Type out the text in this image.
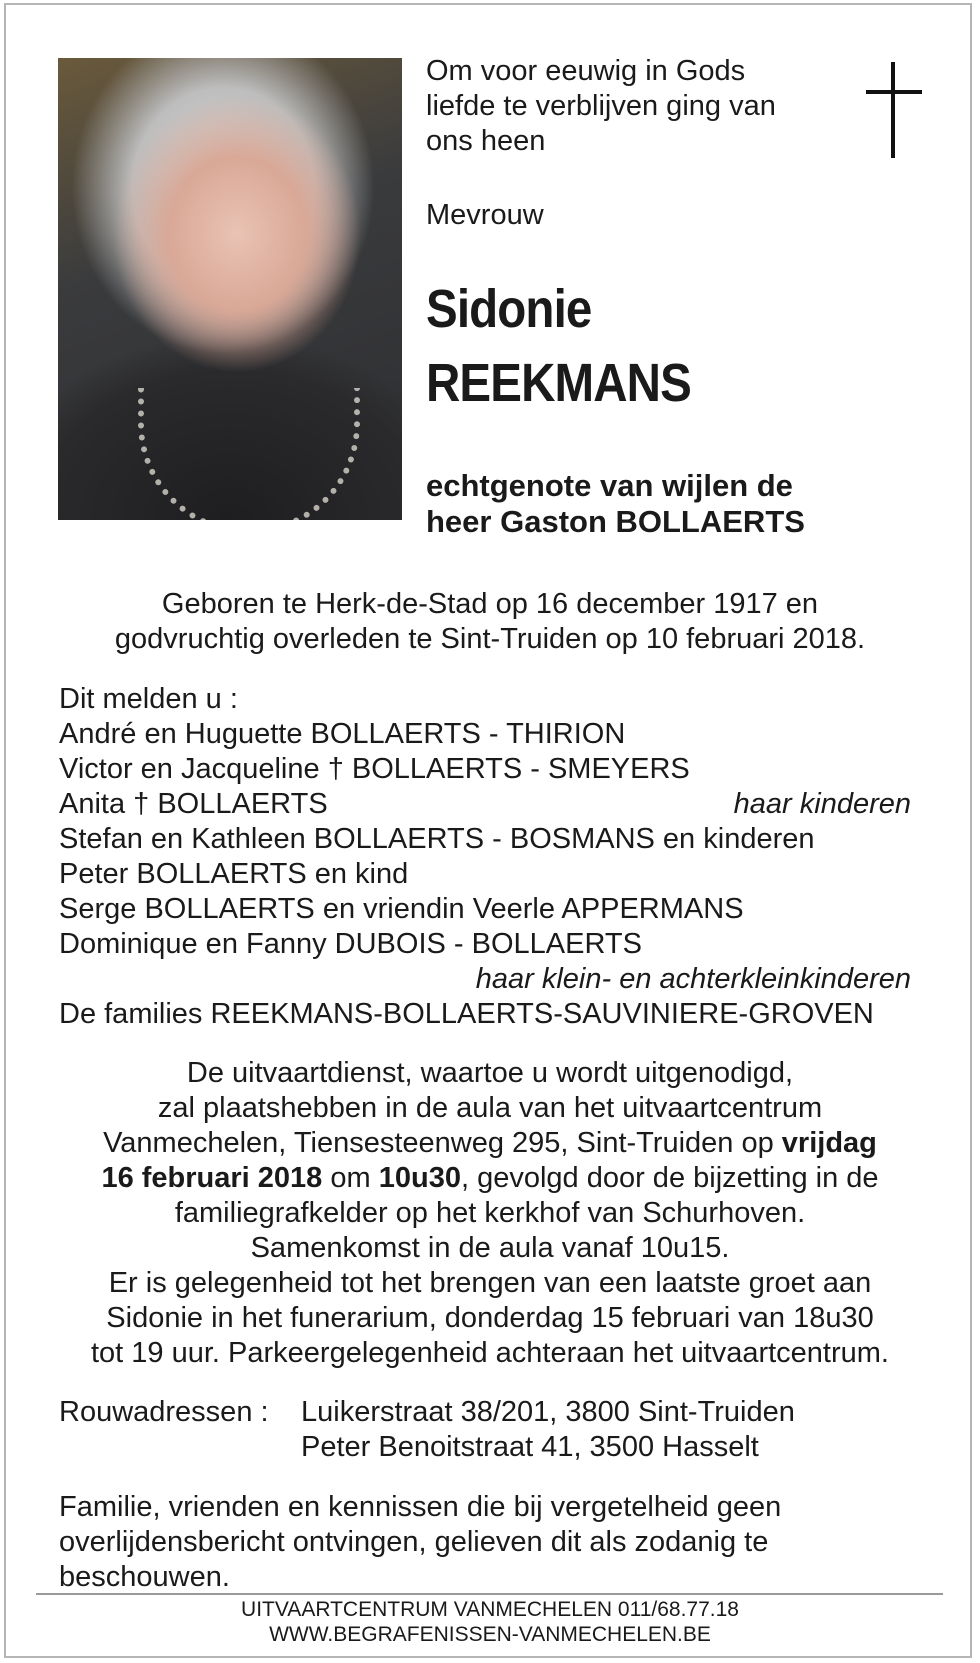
Om voor eeuwig in Gods
liefde te verblijven ging van
ons heen
Mevrouw
Sidonie
REEKMANS
echtgenote van wijlen de
heer Gaston BOLLAERTS
Geboren te Herk-de-Stad op 16 december 1917 en
godvruchtig overleden te Sint-Truiden op 10 februari 2018.
Dit melden u :
André en Huguette BOLLAERTS - THIRION
Victor en Jacqueline † BOLLAERTS - SMEYERS
Anita † BOLLAERTS	haar kinderen
Stefan en Kathleen BOLLAERTS - BOSMANS en kinderen
Peter BOLLAERTS en kind
Serge BOLLAERTS en vriendin Veerle APPERMANS
Dominique en Fanny DUBOIS - BOLLAERTS
haar klein- en achterkleinkinderen
De families REEKMANS-BOLLAERTS-SAUVINIERE-GROVEN
De uitvaartdienst, waartoe u wordt uitgenodigd,
zal plaatshebben in de aula van het uitvaartcentrum
Vanmechelen, Tiensesteenweg 295, Sint-Truiden op vrijdag
16 februari 2018 om 10u30, gevolgd door de bijzetting in de
familiegrafkelder op het kerkhof van Schurhoven.
Samenkomst in de aula vanaf 10u15.
Er is gelegenheid tot het brengen van een laatste groet aan
Sidonie in het funerarium, donderdag 15 februari van 18u30
tot 19 uur. Parkeergelegenheid achteraan het uitvaartcentrum.
Rouwadressen : Luikerstraat 38/201, 3800 Sint-Truiden
Peter Benoitstraat 41, 3500 Hasselt
Familie, vrienden en kennissen die bij vergetelheid geen
overlijdensbericht ontvingen, gelieven dit als zodanig te
beschouwen.
UITVAARTCENTRUM VANMECHELEN 011/68.77.18
WWW.BEGRAFENISSEN-VANMECHELEN.BE
